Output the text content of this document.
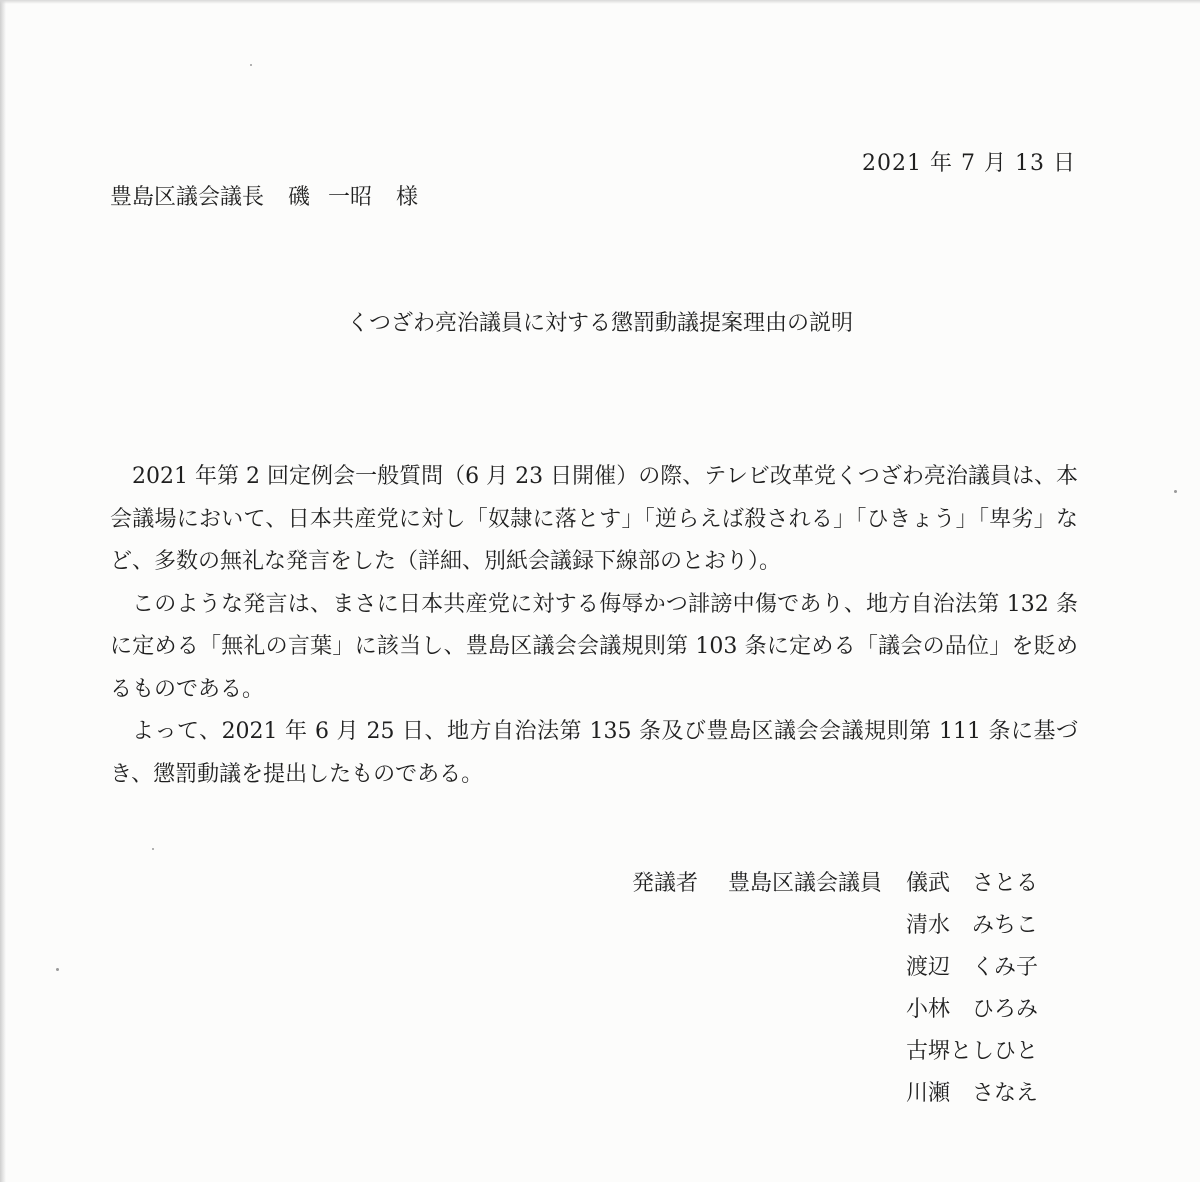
2021 年 7 月 13 日
豊島区議会議長 磯 一昭 様
くつざわ亮治議員に対する懲罰動議提案理由の説明

2021 年第 2 回定例会一般質問（6 月 23 日開催）の際、テレビ改革党くつざわ亮治議員は、本会議場において、日本共産党に対し「奴隷に落とす」「逆らえば殺される」「ひきょう」「卑劣」など、多数の無礼な発言をした（詳細、別紙会議録下線部のとおり）。

このような発言は、まさに日本共産党に対する侮辱かつ誹謗中傷であり、地方自治法第 132 条に定める「無礼の言葉」に該当し、豊島区議会会議規則第 103 条に定める「議会の品位」を貶めるものである。

よって、2021 年 6 月 25 日、地方自治法第 135 条及び豊島区議会会議規則第 111 条に基づき、懲罰動議を提出したものである。

発議者	豊島区議会議員	儀武　さとる
清水　みちこ
渡辺　くみ子
小林　ひろみ
古堺としひと
川瀬　さなえ
